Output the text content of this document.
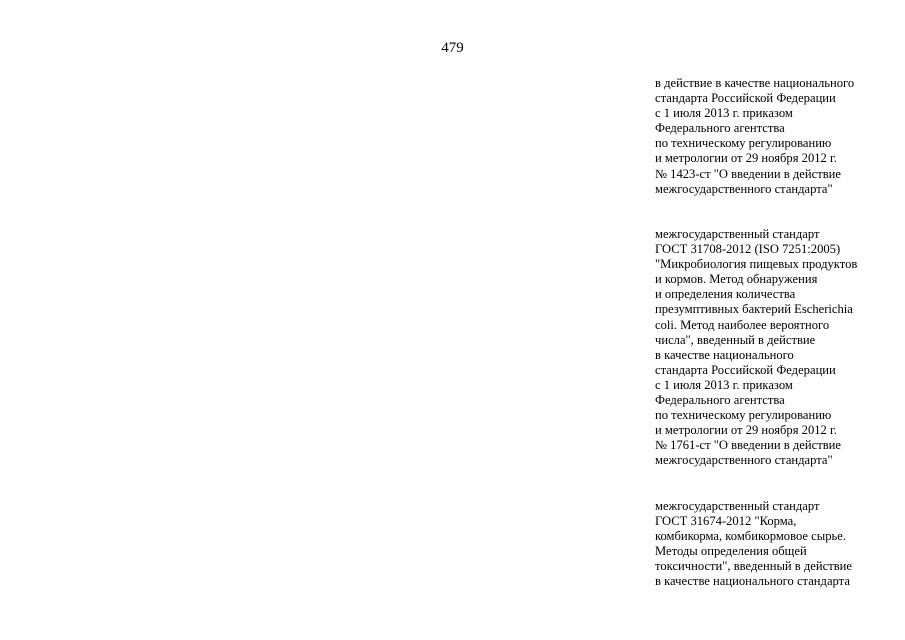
479

в действие в качестве национального
стандарта Российской Федерации
с 1 июля 2013 г. приказом
Федерального агентства
по техническому регулированию
и метрологии от 29 ноября 2012 г.
№ 1423-ст "О введении в действие
межгосударственного стандарта"

межгосударственный стандарт
ГОСТ 31708-2012 (ISO 7251:2005)
"Микробиология пищевых продуктов
и кормов. Метод обнаружения
и определения количества
презумптивных бактерий Escherichia
coli. Метод наиболее вероятного
числа", введенный в действие
в качестве национального
стандарта Российской Федерации
с 1 июля 2013 г. приказом
Федерального агентства
по техническому регулированию
и метрологии от 29 ноября 2012 г.
№ 1761-ст "О введении в действие
межгосударственного стандарта"

межгосударственный стандарт
ГОСТ 31674-2012 "Корма,
комбикорма, комбикормовое сырье.
Методы определения общей
токсичности", введенный в действие
в качестве национального стандарта
